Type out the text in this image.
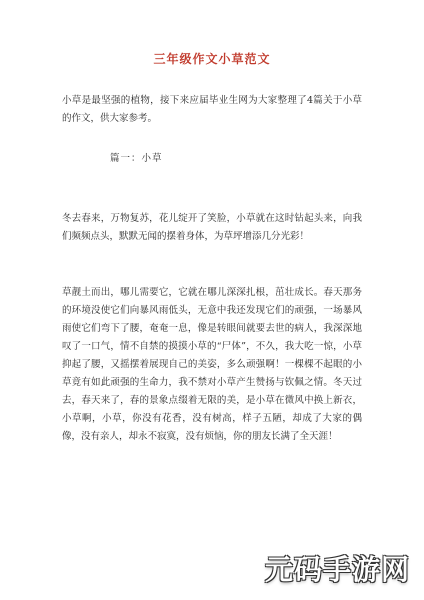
三年级作文小草范文
小草是最坚强的植物，接下来应届毕业生网为大家整理了4篇关于小草的作文，供大家参考。
篇一：小草
冬去春来，万物复苏，花儿绽开了笑脸，小草就在这时钻起头来，向我们频频点头，默默无闻的摆着身体，为草坪增添几分光彩！
草靓土而出，哪儿需要它，它就在哪儿深深扎根，茁壮成长。春天那务的环境没使它们向暴风雨低头，无意中我还发现它们的顽强，一场暴风雨使它们弯下了腰，奄奄一息，像是转眼间就要去世的病人，我深深地叹了一口气，情不自禁的摸摸小草的“尸体”，不久，我大吃一惊，小草抑起了腰，又摇摆着展现自己的美姿，多么顽强啊！一棵棵不起眼的小草竟有如此顽强的生命力，我不禁对小草产生赞扬与钦佩之情。冬天过去，春天来了，春的景象点缀着无限的美，是小草在微风中换上新衣，小草啊，小草，你没有花香，没有树高，样子五陋，却成了大家的偶像，没有亲人，却永不寂寞，没有烦恼，你的朋友长满了全天涯！
元码手游网
